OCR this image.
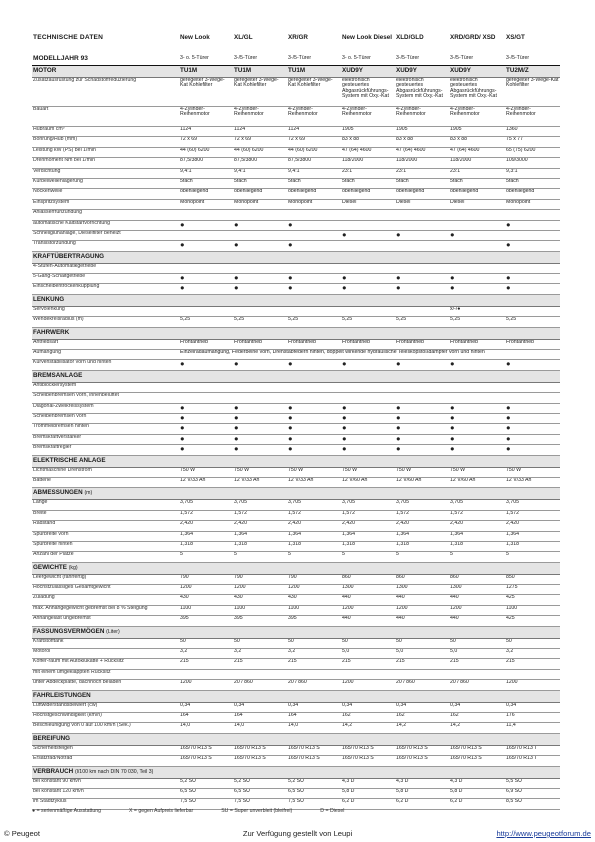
TECHNISCHE DATEN	New Look	XL/GL	XR/GR	New Look Diesel	XLD/GLD	XRD/GRD/ XSD	XS/GT
MODELLJAHR 93	3- o. 5-Türer	3-/5-Türer	3-/5-Türer	3- o. 5-Türer	3-/5-Türer	3-/5-Türer	3-/5-Türer
MOTOR	TU1M	TU1M	TU1M	XUD9Y	XUD9Y	XUD9Y	TU2M/Z
Zusatzausrüstung zur Schadstoffreduzierung	geregelter 3-Wege-Kat Kohlefilter	geregelter 3-Wege-Kat Kohlefilter	geregelter 3-Wege-Kat Kohlefilter	elektronisch gesteuertes Abgasrückführungs-System mit Oxy.-Kat	elektronisch gesteuertes Abgasrückführungs-System mit Oxy.-Kat	elektronisch gesteuertes Abgasrückführungs-System mit Oxy.-Kat	geregelter 3-Wege-Kat Kohlefilter
Bauart	4-Zylinder-Reihenmotor	4-Zylinder-Reihenmotor	4-Zylinder-Reihenmotor	4-Zylinder-Reihenmotor	4-Zylinder-Reihenmotor	4-Zylinder-Reihenmotor	4-Zylinder-Reihenmotor
Hubraum cm³	1124	1124	1124	1905	1905	1905	1360
Bohrung/Hub (mm)	72 x 69	72 x 69	72 x 69	83 x 88	83 x 88	83 x 88	75 x 77
Leistung kW (PS) bei 1/min	44 (60) 6200	44 (60) 6200	44 (60) 6200	47 (64) 4600	47 (64) 4600	47 (64) 4600	65 (75) 6200
Drehmoment Nm bei 1/min	87,5/3800	87,5/3800	87,5/3800	118/2000	118/2000	118/2000	109/3000
Verdichtung	9,4:1	9,4:1	9,4:1	23:1	23:1	23:1	9,3:1
Kurbelwellenlagerung	5fach	5fach	5fach	5fach	5fach	5fach	5fach
Nockenwelle	obenliegend	obenliegend	obenliegend	obenliegend	obenliegend	obenliegend	obenliegend
Einspritzsystem	Monopoint	Monopoint	Monopoint	Diesel	Diesel	Diesel	Monopoint
Anlasserfrühzündung							
automatische Kaltstartvorrichtung	●	●	●				●
Schnellglühanlage, Dieselfilter beheizt				●	●	●	
Transistorzündung	●	●	●				●
KRAFTÜBERTRAGUNG							
4-Stufen-Automatikgetriebe							
5-Gang-Schaltgetriebe	●	●	●	●	●	●	●
Einscheibentrockenkupplung	●	●	●	●	●	●	●
LENKUNG							
Servolenkung						x/-/●	
Wendekreisradius (m)	5,25	5,25	5,25	5,25	5,25	5,25	5,25
FAHRWERK							
Antriebsart	Frontantrieb	Frontantrieb	Frontantrieb	Frontantrieb	Frontantrieb	Frontantrieb	Frontantrieb
Aufhängung	Einzelradaufhängung, Federbeine vorn, Drehstabfedern hinten, doppelt wirkende hydraulische Teleskopstoßdämpfer vorn und hinten						
Kurvenstabilisator vorn und hinten	●	●	●	●	●	●	●
BREMSANLAGE							
Antiblockiersystem							
Scheibenbremsen vorn, innenbelüftet							
Diagonal-Zweikreissystem	●	●	●	●	●	●	●
Scheibenbremsen vorn	●	●	●	●	●	●	●
Trommelbremsen hinten	●	●	●	●	●	●	●
Bremskraftverstärker	●	●	●	●	●	●	●
Bremskraftregler	●	●	●	●	●	●	●
ELEKTRISCHE ANLAGE							
Lichtmaschine Drehstrom	750 W	750 W	750 W	750 W	750 W	750 W	750 W
Batterie	12 V/33 Ah	12 V/33 Ah	12 V/33 Ah	12 V/60 Ah	12 V/60 Ah	12 V/60 Ah	12 V/33 Ah
ABMESSUNGEN (m)							
Länge	3,705	3,705	3,705	3,705	3,705	3,705	3,705
Breite	1,572	1,572	1,572	1,572	1,572	1,572	1,572
Radstand	2,420	2,420	2,420	2,420	2,420	2,420	2,420
Spurbreite vorn	1,364	1,364	1,364	1,364	1,364	1,364	1,364
Spurbreite hinten	1,318	1,318	1,318	1,318	1,318	1,318	1,318
Anzahl der Plätze	5	5	5	5	5	5	5
GEWICHTE (kg)							
Leergewicht (fahrfertig)	790	790	790	860	860	860	850
Höchstzulässiges Gesamtgewicht	1200	1200	1200	1300	1300	1300	1275
Zuladung	430	430	430	440	440	440	425
max. Anhängegewicht gebremst bei 8 % Steigung	1100	1100	1100	1200	1200	1200	1100
Anhängelast ungebremst	395	395	395	440	440	440	425
FASSUNGSVERMÖGEN (Liter)							
Kraftstofftank	50	50	50	50	50	50	50
Motoröl	3,2	3,2	3,2	5,0	5,0	5,0	3,2
Koffer-raum mit Autoklukatte + Rücksitz	215	215	215	215	215	215	215
mit einem umgeklappten Rücksitz							
unter Abdeckplatte, dachhoch beladen	1200	20 / 860	20 / 860	1200	20 / 860	20 / 860	1200
FAHRLEISTUNGEN							
Luftwiderstandsbeiwert (cw)	0,34	0,34	0,34	0,34	0,34	0,34	0,34
Höchstgeschwindigkeit (km/h)	164	164	164	162	162	162	176
Beschleunigung von 0 auf 100 km/h (Sek.)	14,0	14,0	14,0	14,2	14,2	14,2	11,4
BEREIFUNG							
Sicherheitsfelgen	165/70 R13 S	165/70 R13 S	165/70 R13 S	165/70 R13 S	165/70 R13 S	165/70 R13 S	165/70 R13 T
Ersatzrad/Notrad	165/70 R13 S	165/70 R13 S	165/70 R13 S	165/70 R13 S	165/70 R13 S	165/70 R13 S	165/70 R13 T
VERBRAUCH (l/100 km nach DIN 70 030, Teil 3)							
bei konstant 90 km/h	5,2 SU	5,2 SU	5,2 SU	4,3 D	4,3 D	4,3 D	5,5 SU
bei konstant 120 km/h	6,5 SU	6,5 SU	6,5 SU	5,8 D	5,8 D	5,8 D	6,9 SU
im Stadtzyklus	7,5 SU	7,5 SU	7,5 SU	6,2 D	6,2 D	6,2 D	8,5 SU
● = serienmäßige Ausstattung	X = gegen Aufpreis lieferbar	SU = Super unverbleit (bleifrei)	D = Diesel
© Peugeot	Zur Verfügung gestellt von Leupi	http://www.peugeotforum.de
